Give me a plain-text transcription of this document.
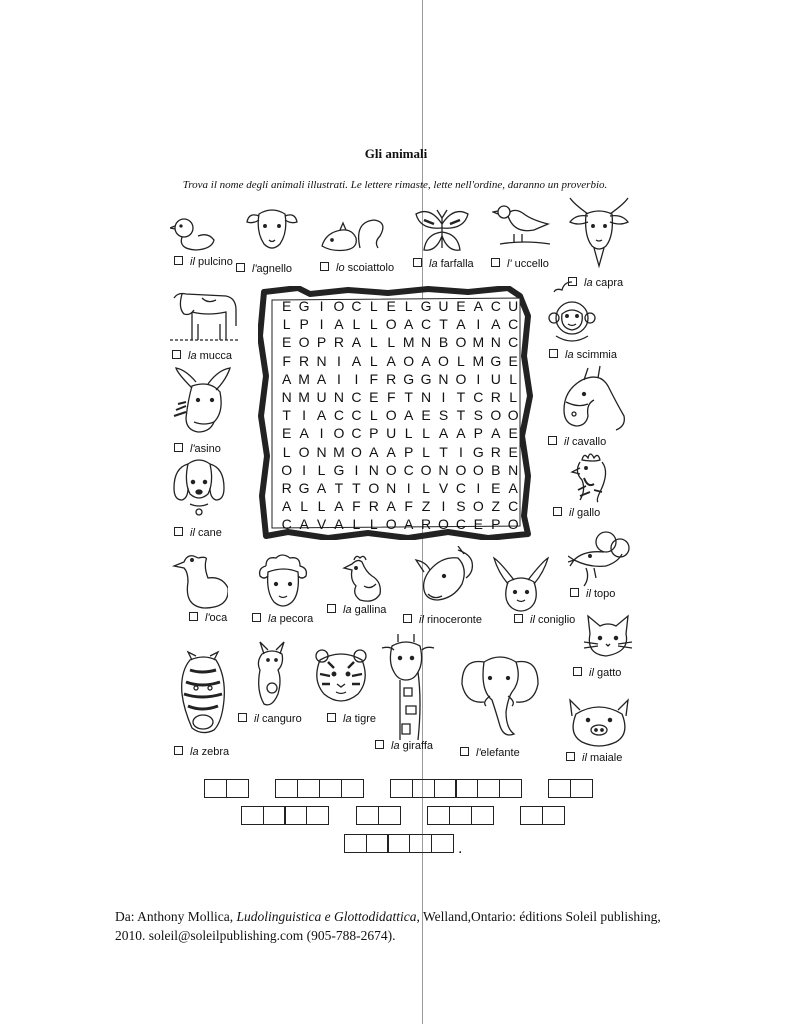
Gli animali
Trova il nome degli animali illustrati. Le lettere rimaste, lette nell'ordine, daranno un proverbio.
il pulcino
l'agnello	lo scoiattolo	la farfalla	l' uccello
la capra
la mucca	la scimmia
l'asino
il cavallo
il gallo
il cane
il topo
l'oca	la pecora
la gallina
il rinoceronte	il coniglio
il gatto
il canguro	la tigre
la zebra	la giraffa
l'elefante	il maiale
E G I O C L E L G U E A C U
L P I A L L O A C T A I A C
E O P R A L L M N B O M N C
F R N I A L A O A O L M G E
A M A I I F R G G N O I U L
N M U N C E F T N I T C R L
T I A C C L O A E S T S O O
E A I O C P U L L A A P A E
L O N M O A A P L T I G R E
O I L G I N O C O N O O B N
R G A T T O N I L V C I E A
A L L A F R A F Z I S O Z C
C A V A L L O A R O C E P O
.
Da: Anthony Mollica, Ludolinguistica e Glottodidattica, Welland,Ontario: éditions Soleil publishing,
2010. soleil@soleilpublishing.com (905-788-2674).
